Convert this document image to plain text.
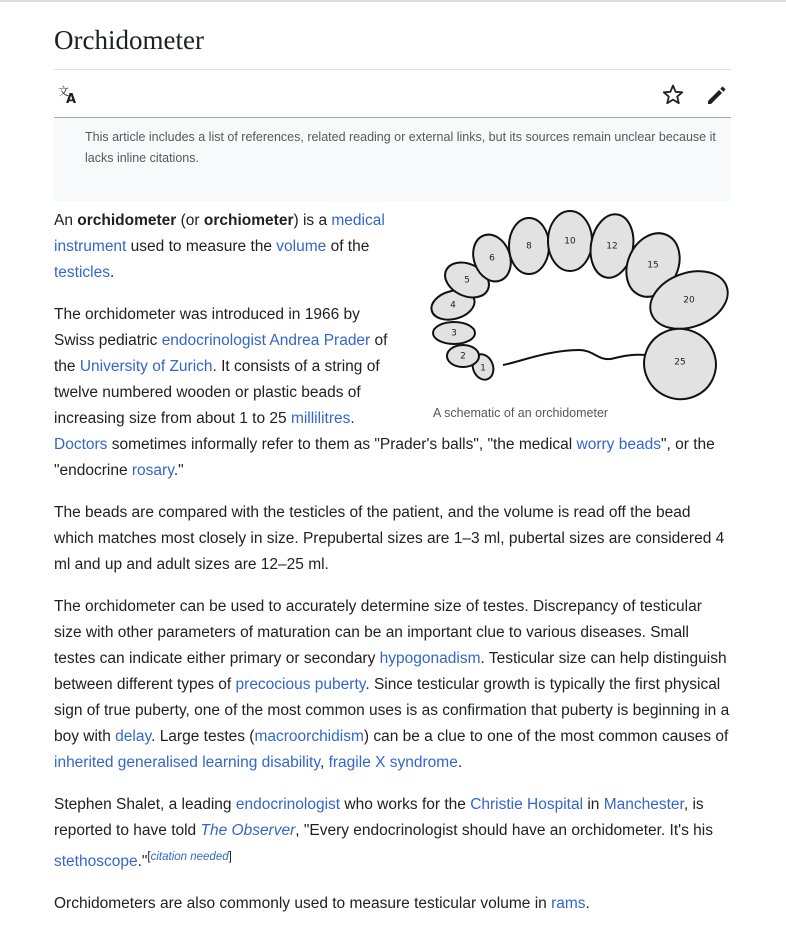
Orchidometer
文
A
This article includes a list of references, related reading or external links, but its sources remain unclear because it lacks inline citations.
1
2
3
4
5
6
8	10	12
15
20
25
A schematic of an orchidometer

An orchidometer (or orchiometer) is a medical instrument used to measure the volume of the testicles.

The orchidometer was introduced in 1966 by Swiss pediatric endocrinologist Andrea Prader of the University of Zurich. It consists of a string of twelve numbered wooden or plastic beads of increasing size from about 1 to 25 millilitres. Doctors sometimes informally refer to them as "Prader's balls", "the medical worry beads", or the "endocrine rosary."

The beads are compared with the testicles of the patient, and the volume is read off the bead which matches most closely in size. Prepubertal sizes are 1–3 ml, pubertal sizes are considered 4 ml and up and adult sizes are 12–25 ml.

The orchidometer can be used to accurately determine size of testes. Discrepancy of testicular size with other parameters of maturation can be an important clue to various diseases. Small testes can indicate either primary or secondary hypogonadism. Testicular size can help distinguish between different types of precocious puberty. Since testicular growth is typically the first physical sign of true puberty, one of the most common uses is as confirmation that puberty is beginning in a boy with delay. Large testes (macroorchidism) can be a clue to one of the most common causes of inherited generalised learning disability, fragile X syndrome.

Stephen Shalet, a leading endocrinologist who works for the Christie Hospital in Manchester, is reported to have told The Observer, "Every endocrinologist should have an orchidometer. It's his stethoscope."[citation needed]

Orchidometers are also commonly used to measure testicular volume in rams.
